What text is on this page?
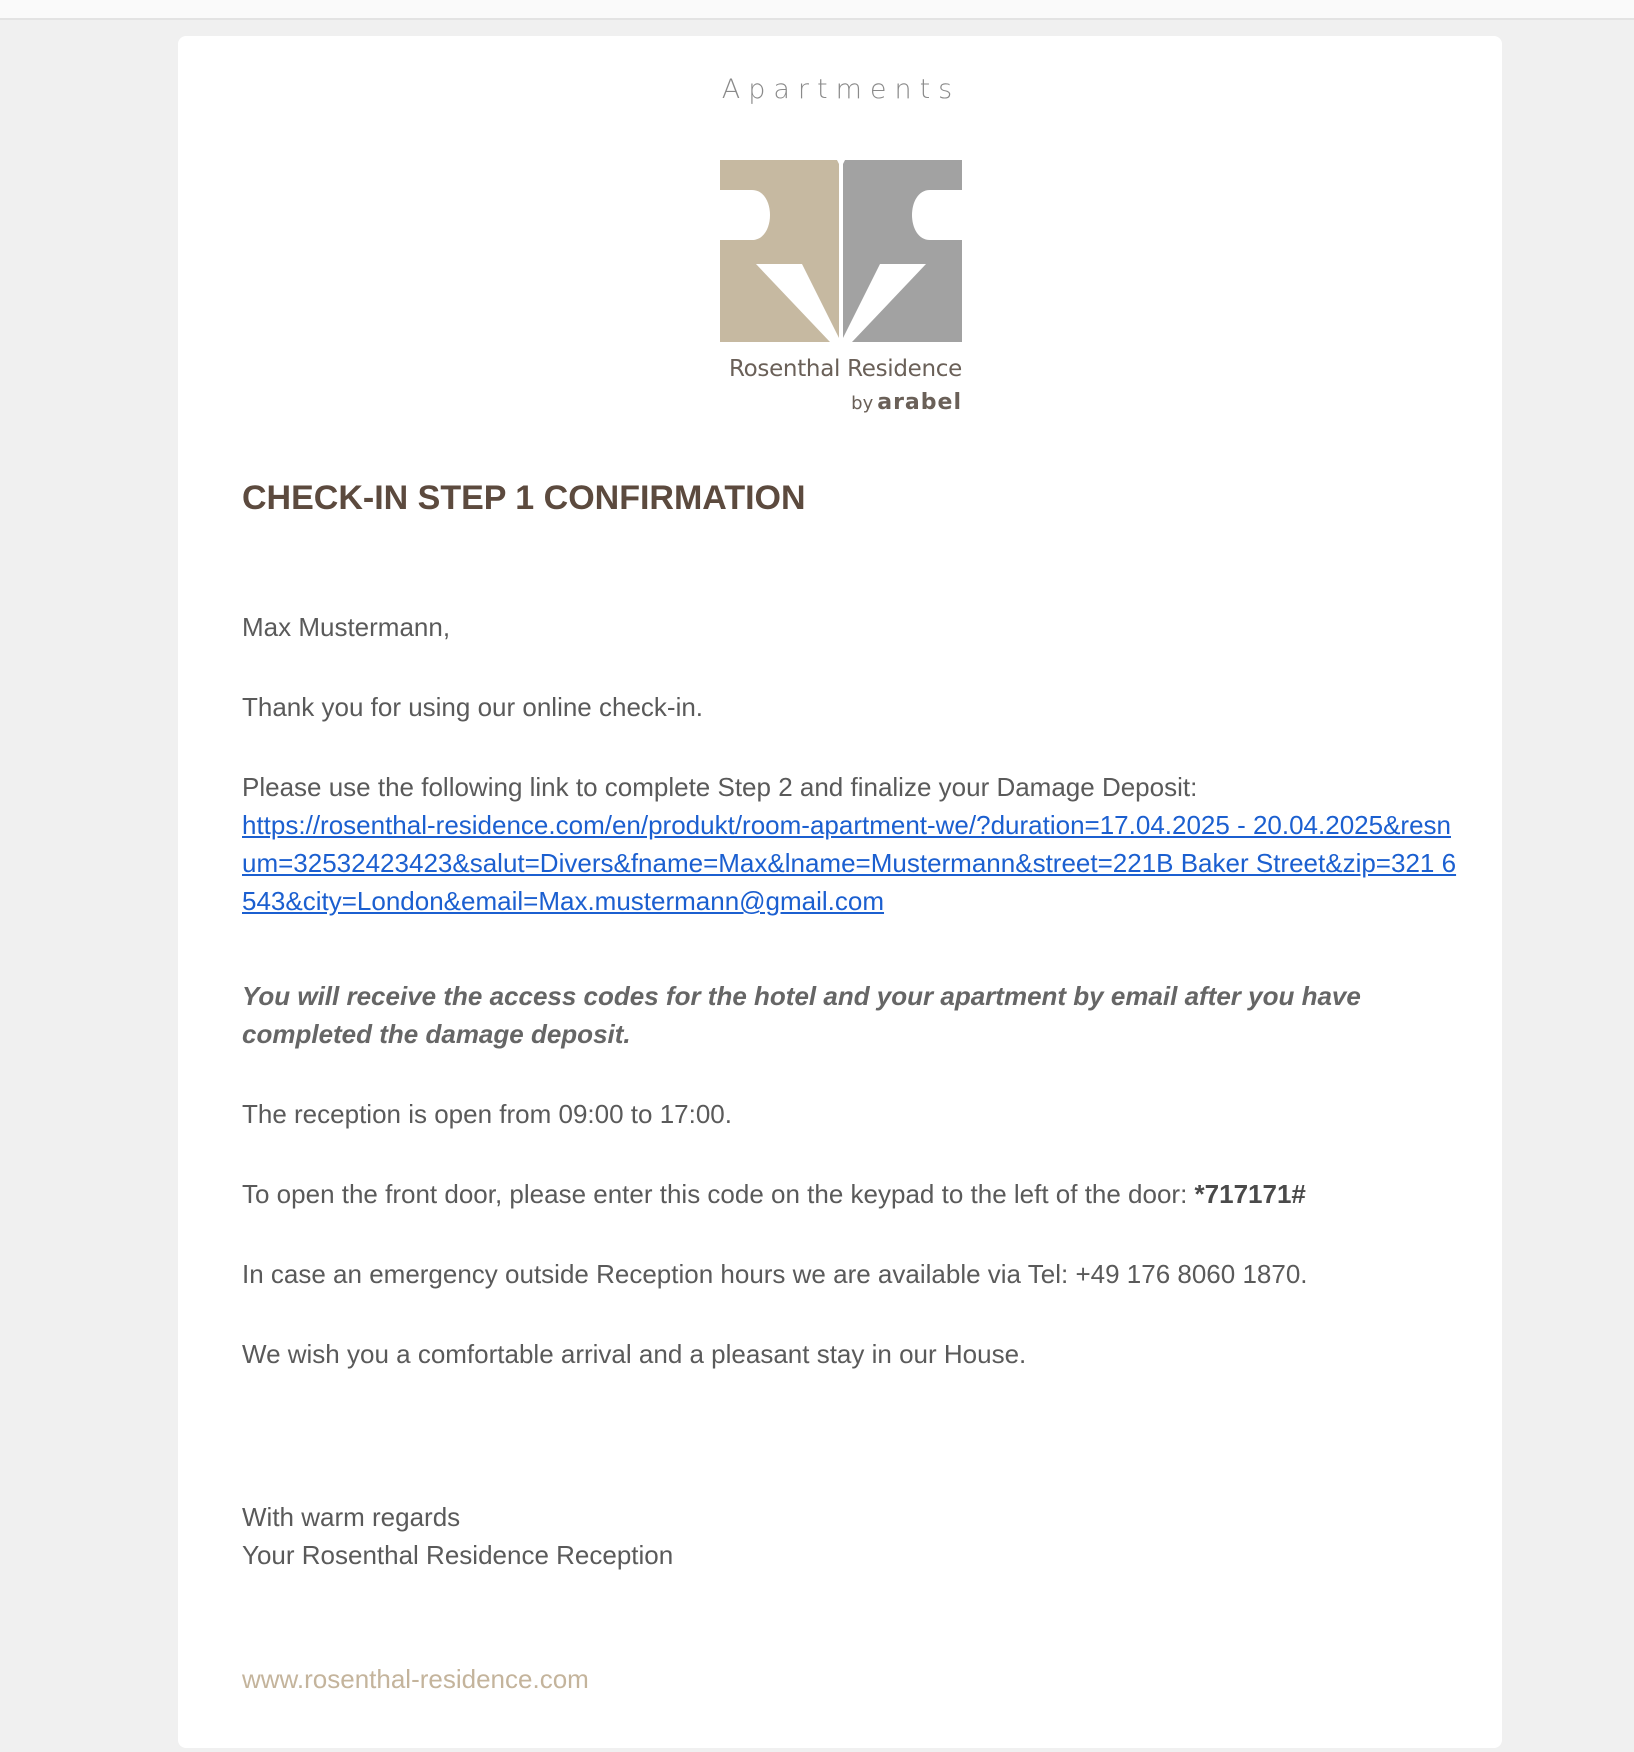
Apartments
Rosenthal Residence
by arabel
CHECK-IN STEP 1 CONFIRMATION

Max Mustermann,

Thank you for using our online check-in.

Please use the following link to complete Step 2 and finalize your Damage Deposit:
https://rosenthal-residence.com/en/produkt/room-apartment-we/?duration=17.04.2025 - 20.04.2025&resnum=32532423423&salut=Divers&fname=Max&lname=Mustermann&street=221B Baker Street&zip=321 6543&city=London&email=Max.mustermann@gmail.com

You will receive the access codes for the hotel and your apartment by email after you have completed the damage deposit.

The reception is open from 09:00 to 17:00.

To open the front door, please enter this code on the keypad to the left of the door: *717171#

In case an emergency outside Reception hours we are available via Tel: +49 176 8060 1870.

We wish you a comfortable arrival and a pleasant stay in our House.

With warm regards
Your Rosenthal Residence Reception

www.rosenthal-residence.com
